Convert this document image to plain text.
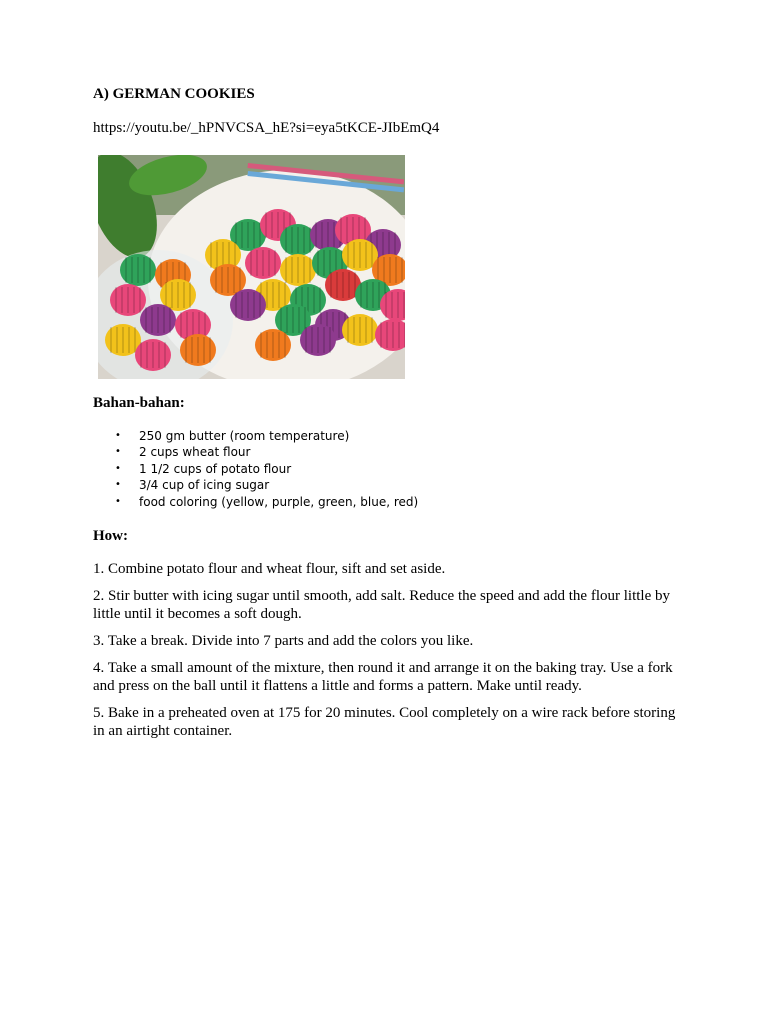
A) GERMAN COOKIES

https://youtu.be/_hPNVCSA_hE?si=eya5tKCE-JIbEmQ4

Bahan-bahan:
• 250 gm butter (room temperature)
• 2 cups wheat flour
• 1 1/2 cups of potato flour
• 3/4 cup of icing sugar
• food coloring (yellow, purple, green, blue, red)
How:

1. Combine potato flour and wheat flour, sift and set aside.

2. Stir butter with icing sugar until smooth, add salt. Reduce the speed and add the flour little by little until it becomes a soft dough.

3. Take a break. Divide into 7 parts and add the colors you like.

4. Take a small amount of the mixture, then round it and arrange it on the baking tray. Use a fork and press on the ball until it flattens a little and forms a pattern. Make until ready.

5. Bake in a preheated oven at 175 for 20 minutes. Cool completely on a wire rack before storing in an airtight container.
